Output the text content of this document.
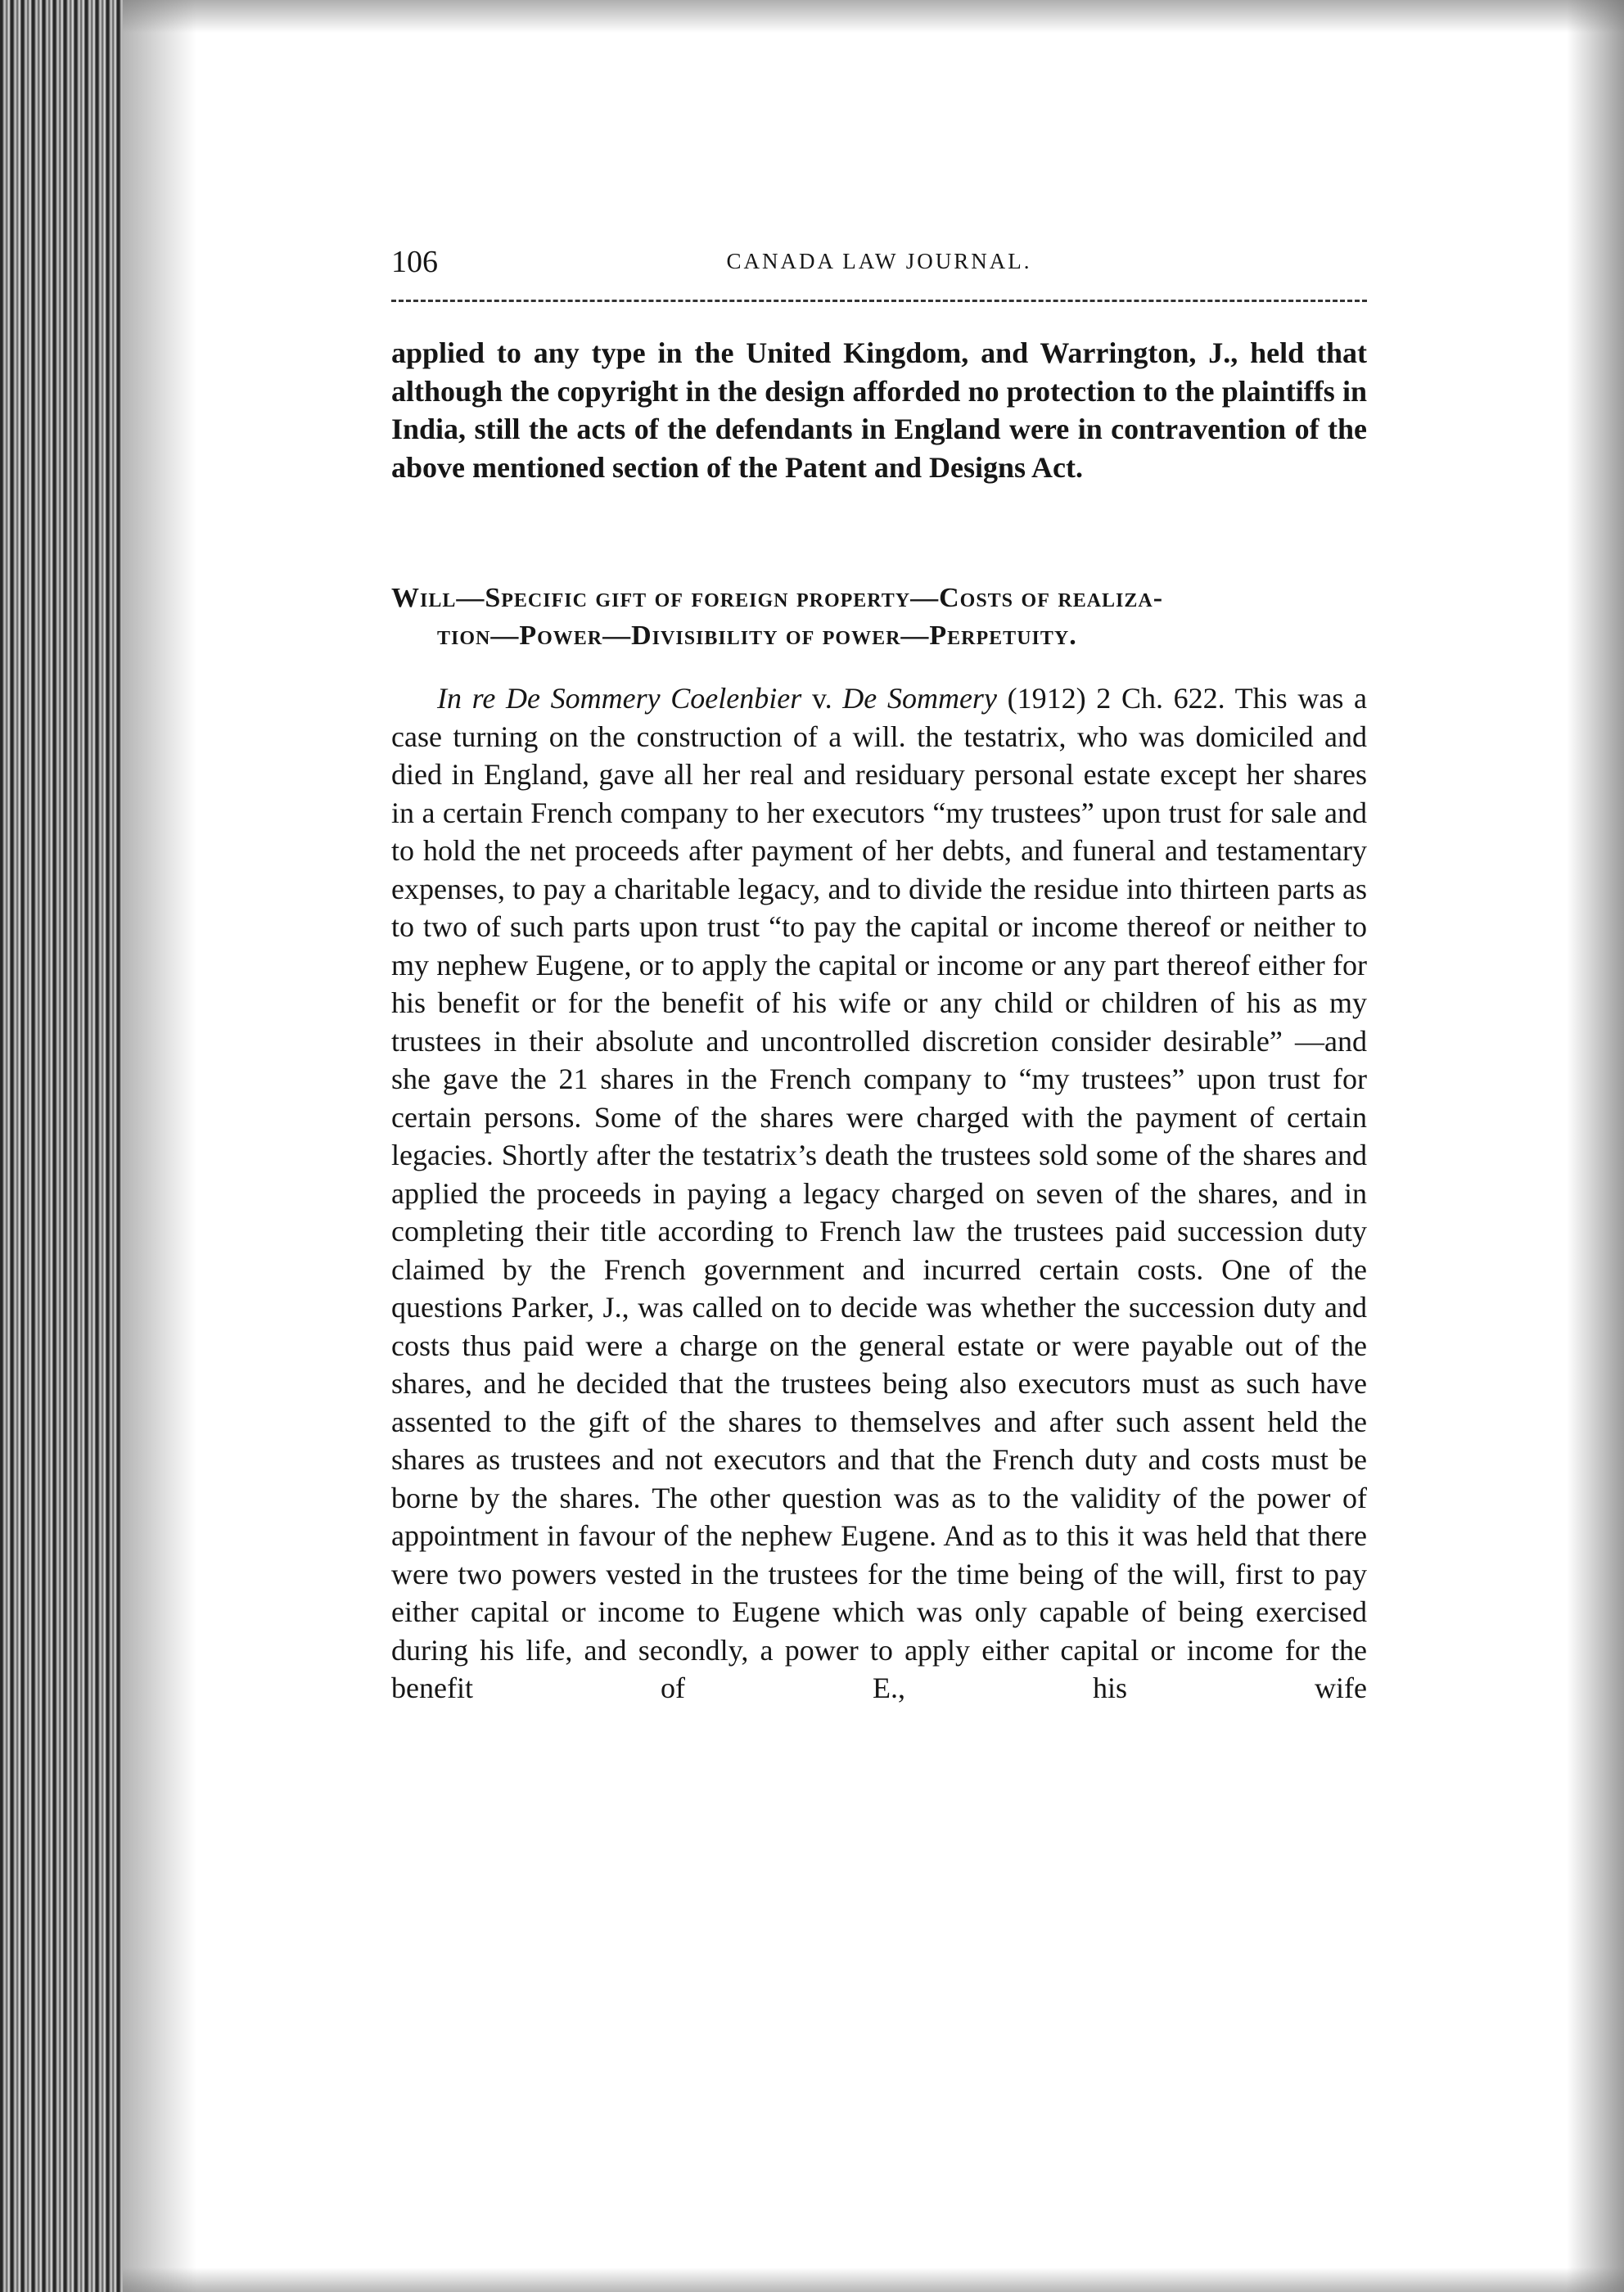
106	CANADA LAW JOURNAL.

applied to any type in the United Kingdom, and Warrington, J., held that although the copyright in the design afforded no protection to the plaintiffs in India, still the acts of the defendants in England were in contravention of the above mentioned section of the Patent and Designs Act.

Will—Specific gift of foreign property—Costs of realiza-
tion—Power—Divisibility of power—Perpetuity.

In re De Sommery Coelenbier v. De Sommery (1912) 2 Ch. 622. This was a case turning on the construction of a will. the testatrix, who was domiciled and died in England, gave all her real and residuary personal estate except her shares in a certain French company to her executors “my trustees” upon trust for sale and to hold the net proceeds after payment of her debts, and funeral and testamentary expenses, to pay a charitable legacy, and to divide the residue into thirteen parts as to two of such parts upon trust “to pay the capital or income thereof or neither to my nephew Eugene, or to apply the capital or income or any part thereof either for his benefit or for the benefit of his wife or any child or children of his as my trustees in their absolute and uncontrolled discretion consider desirable” —and she gave the 21 shares in the French company to “my trustees” upon trust for certain persons. Some of the shares were charged with the payment of certain legacies. Shortly after the testatrix’s death the trustees sold some of the shares and applied the proceeds in paying a legacy charged on seven of the shares, and in completing their title according to French law the trustees paid succession duty claimed by the French government and incurred certain costs. One of the questions Parker, J., was called on to decide was whether the succession duty and costs thus paid were a charge on the general estate or were payable out of the shares, and he decided that the trustees being also executors must as such have assented to the gift of the shares to themselves and after such assent held the shares as trustees and not executors and that the French duty and costs must be borne by the shares. The other question was as to the validity of the power of appointment in favour of the nephew Eugene. And as to this it was held that there were two powers vested in the trustees for the time being of the will, first to pay either capital or income to Eugene which was only capable of being exercised during his life, and secondly, a power to apply either capital or income for the benefit of E., his wife
